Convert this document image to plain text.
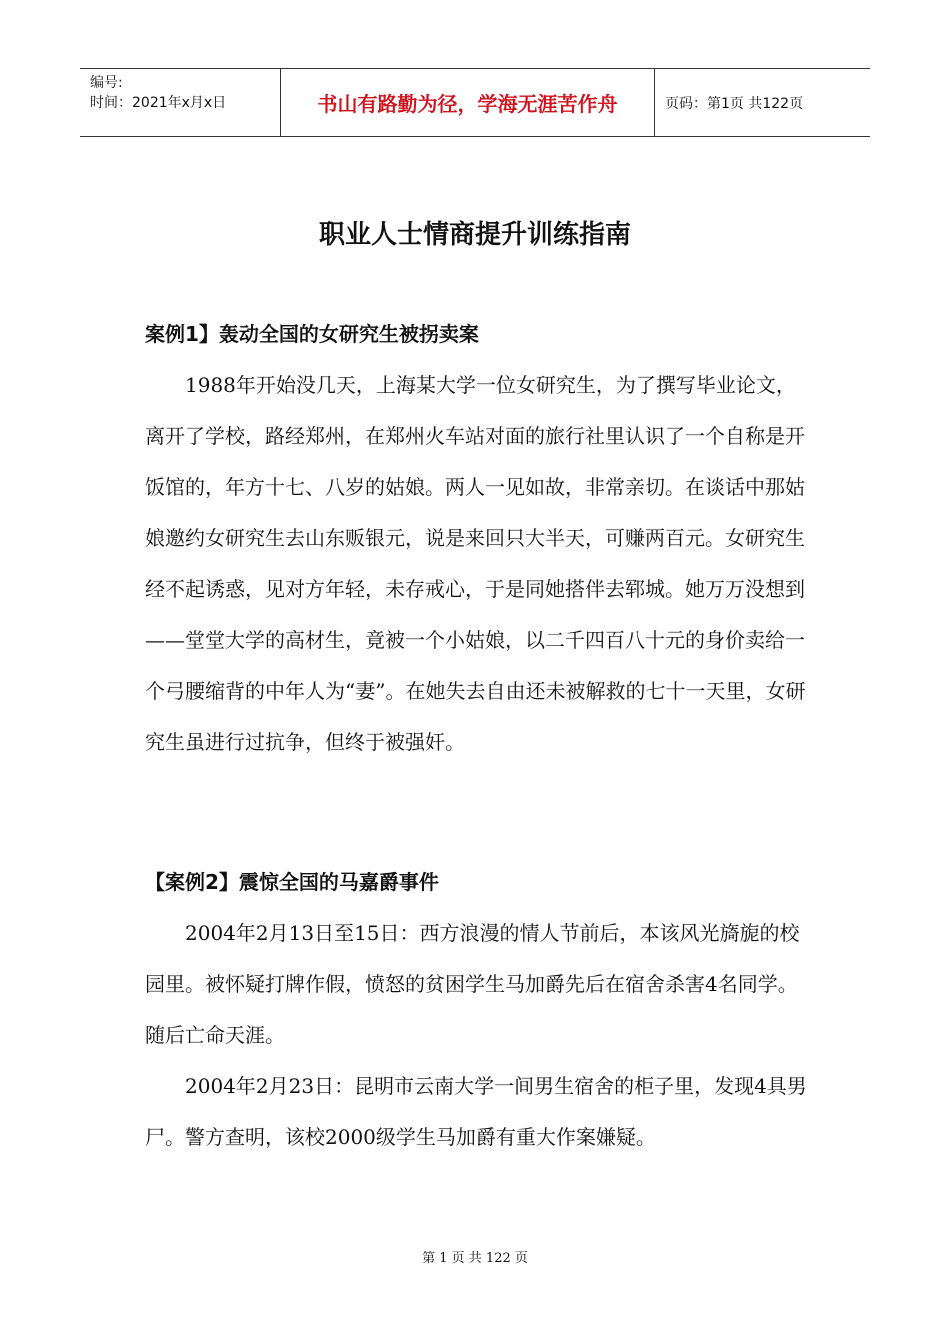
编号:
时间：2021年x月x日	书山有路勤为径，学海无涯苦作舟	页码：第1页 共122页
职业人士情商提升训练指南
案例1】轰动全国的女研究生被拐卖案

1988年开始没几天，上海某大学一位女研究生，为了撰写毕业论文，离开了学校，路经郑州，在郑州火车站对面的旅行社里认识了一个自称是开饭馆的，年方十七、八岁的姑娘。两人一见如故，非常亲切。在谈话中那姑娘邀约女研究生去山东贩银元，说是来回只大半天，可赚两百元。女研究生经不起诱惑，见对方年轻，未存戒心，于是同她搭伴去郓城。她万万没想到——堂堂大学的高材生，竟被一个小姑娘，以二千四百八十元的身价卖给一个弓腰缩背的中年人为“妻”。在她失去自由还未被解救的七十一天里，女研究生虽进行过抗争，但终于被强奸。

【案例2】震惊全国的马嘉爵事件

2004年2月13日至15日：西方浪漫的情人节前后，本该风光旖旎的校园里。被怀疑打牌作假，愤怒的贫困学生马加爵先后在宿舍杀害4名同学。随后亡命天涯。

2004年2月23日：昆明市云南大学一间男生宿舍的柜子里，发现4具男尸。警方查明，该校2000级学生马加爵有重大作案嫌疑。

第 1 页 共 122 页
